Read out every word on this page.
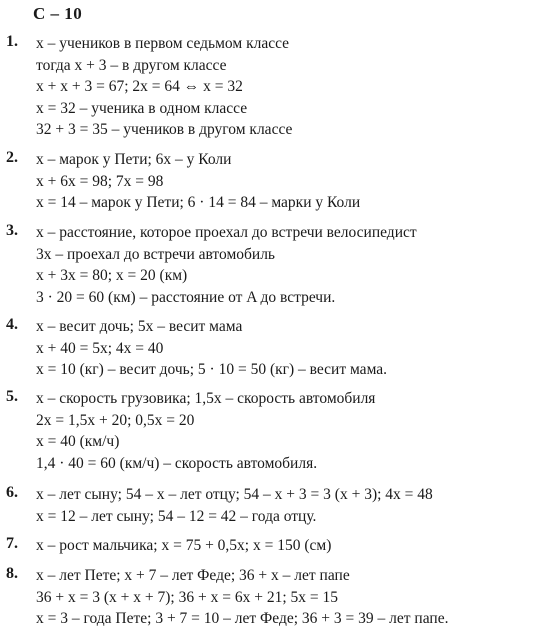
С – 10
1.	x – учеников в первом седьмом классе
тогда x + 3 – в другом классе
x + x + 3 = 67; 2x = 64 ⇔ x = 32
x = 32 – ученика в одном классе
32 + 3 = 35 – учеников в другом классе
2.	x – марок у Пети; 6x – у Коли
x + 6x = 98; 7x = 98
x = 14 – марок у Пети; 6 · 14 = 84 – марки у Коли
3.	x – расстояние, которое проехал до встречи велосипедист
3x – проехал до встречи автомобиль
x + 3x = 80; x = 20 (км)
3 · 20 = 60 (км) – расстояние от A до встречи.
4.	x – весит дочь; 5x – весит мама
x + 40 = 5x; 4x = 40
x = 10 (кг) – весит дочь; 5 · 10 = 50 (кг) – весит мама.
5.	x – скорость грузовика; 1,5x – скорость автомобиля
2x = 1,5x + 20; 0,5x = 20
x = 40 (км/ч)
1,4 · 40 = 60 (км/ч) – скорость автомобиля.
6.	x – лет сыну; 54 – x – лет отцу; 54 – x + 3 = 3 (x + 3); 4x = 48
x = 12 – лет сыну; 54 – 12 = 42 – года отцу.
7.	x – рост мальчика; x = 75 + 0,5x; x = 150 (см)
8.	x – лет Пете; x + 7 – лет Феде; 36 + x – лет папе
36 + x = 3 (x + x + 7); 36 + x = 6x + 21; 5x = 15
x = 3 – года Пете; 3 + 7 = 10 – лет Феде; 36 + 3 = 39 – лет папе.
